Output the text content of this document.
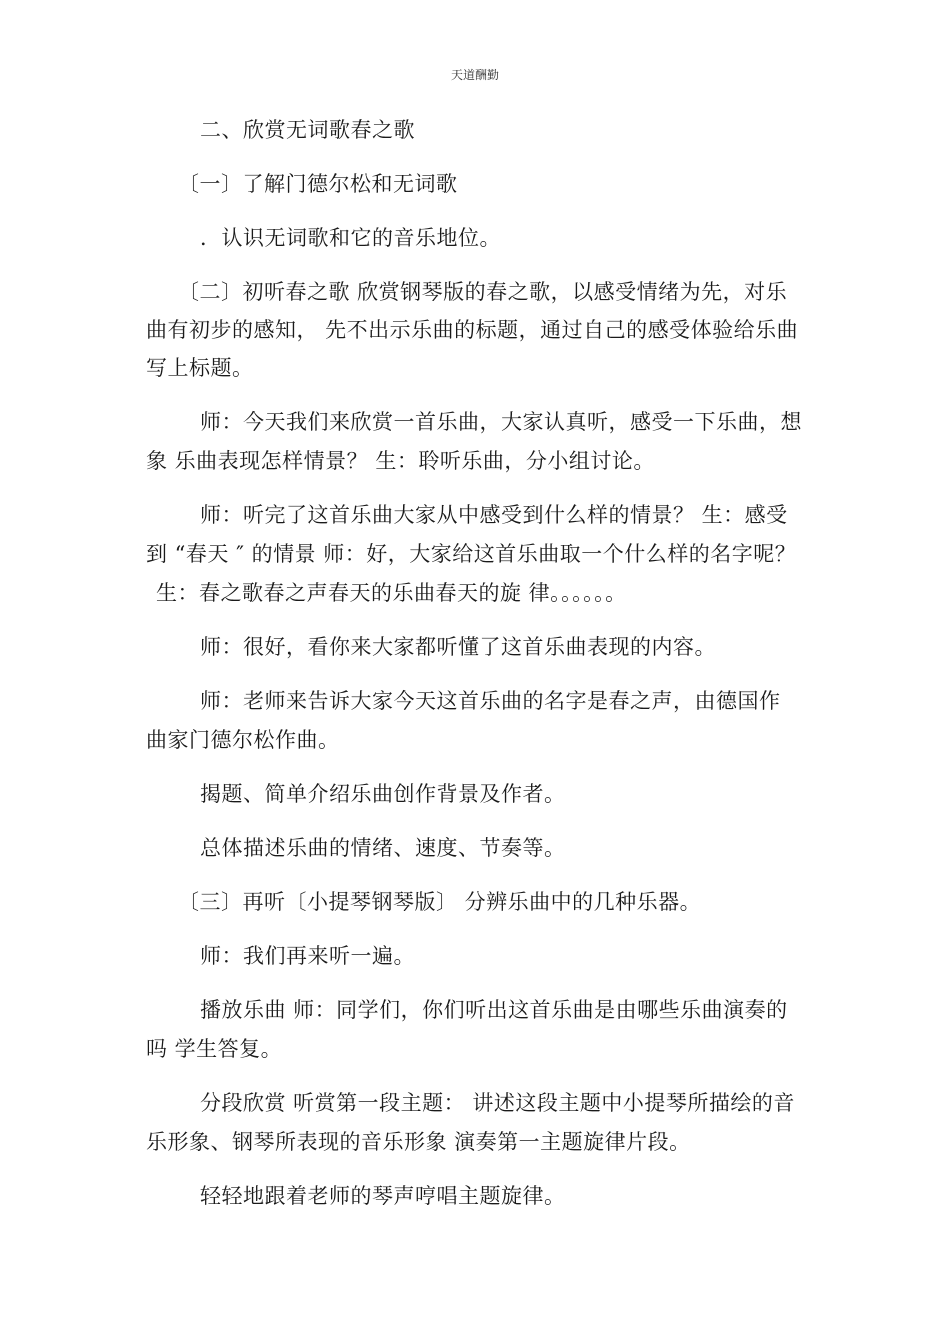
天道酬勤
二、欣赏无词歌春之歌
〔一〕了解门德尔松和无词歌
．认识无词歌和它的音乐地位。
〔二〕初听春之歌 欣赏钢琴版的春之歌，以感受情绪为先，对乐
曲有初步的感知， 先不出示乐曲的标题，通过自己的感受体验给乐曲
写上标题。
师：今天我们来欣赏一首乐曲，大家认真听，感受一下乐曲，想
象 乐曲表现怎样情景？ 生：聆听乐曲，分小组讨论。
师：听完了这首乐曲大家从中感受到什么样的情景？ 生：感受
到 “春天 ″ 的情景 师：好，大家给这首乐曲取一个什么样的名字呢？
生：春之歌春之声春天的乐曲春天的旋 律。。。。。。
师：很好，看你来大家都听懂了这首乐曲表现的内容。
师：老师来告诉大家今天这首乐曲的名字是春之声，由德国作
曲家门德尔松作曲。
揭题、简单介绍乐曲创作背景及作者。
总体描述乐曲的情绪、速度、节奏等。
〔三〕再听〔小提琴钢琴版〕 分辨乐曲中的几种乐器。
师：我们再来听一遍。
播放乐曲 师：同学们，你们听出这首乐曲是由哪些乐曲演奏的
吗 学生答复。
分段欣赏 听赏第一段主题： 讲述这段主题中小提琴所描绘的音
乐形象、钢琴所表现的音乐形象 演奏第一主题旋律片段。
轻轻地跟着老师的琴声哼唱主题旋律。
